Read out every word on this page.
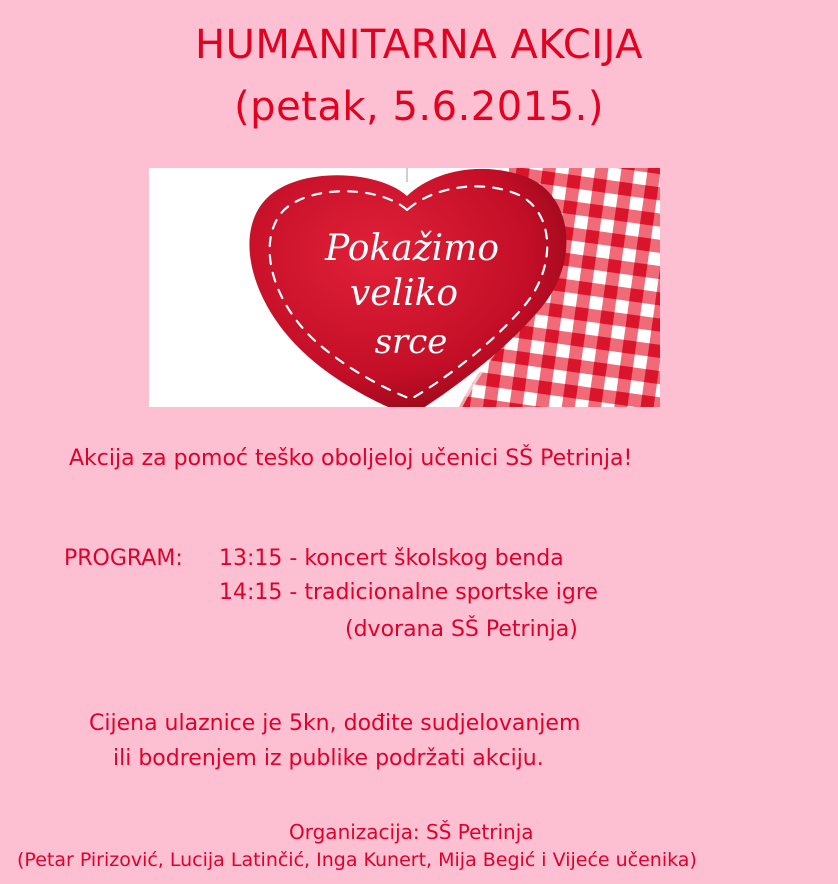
HUMANITARNA AKCIJA
(petak, 5.6.2015.)
Pokažimo
veliko
srce
Akcija za pomoć teško oboljeloj učenici SŠ Petrinja!
PROGRAM: 13:15 - koncert školskog benda
14:15 - tradicionalne sportske igre
(dvorana SŠ Petrinja)
Cijena ulaznice je 5kn, dođite sudjelovanjem
ili bodrenjem iz publike podržati akciju.
Organizacija: SŠ Petrinja
(Petar Pirizović, Lucija Latinčić, Inga Kunert, Mija Begić i Vijeće učenika)
